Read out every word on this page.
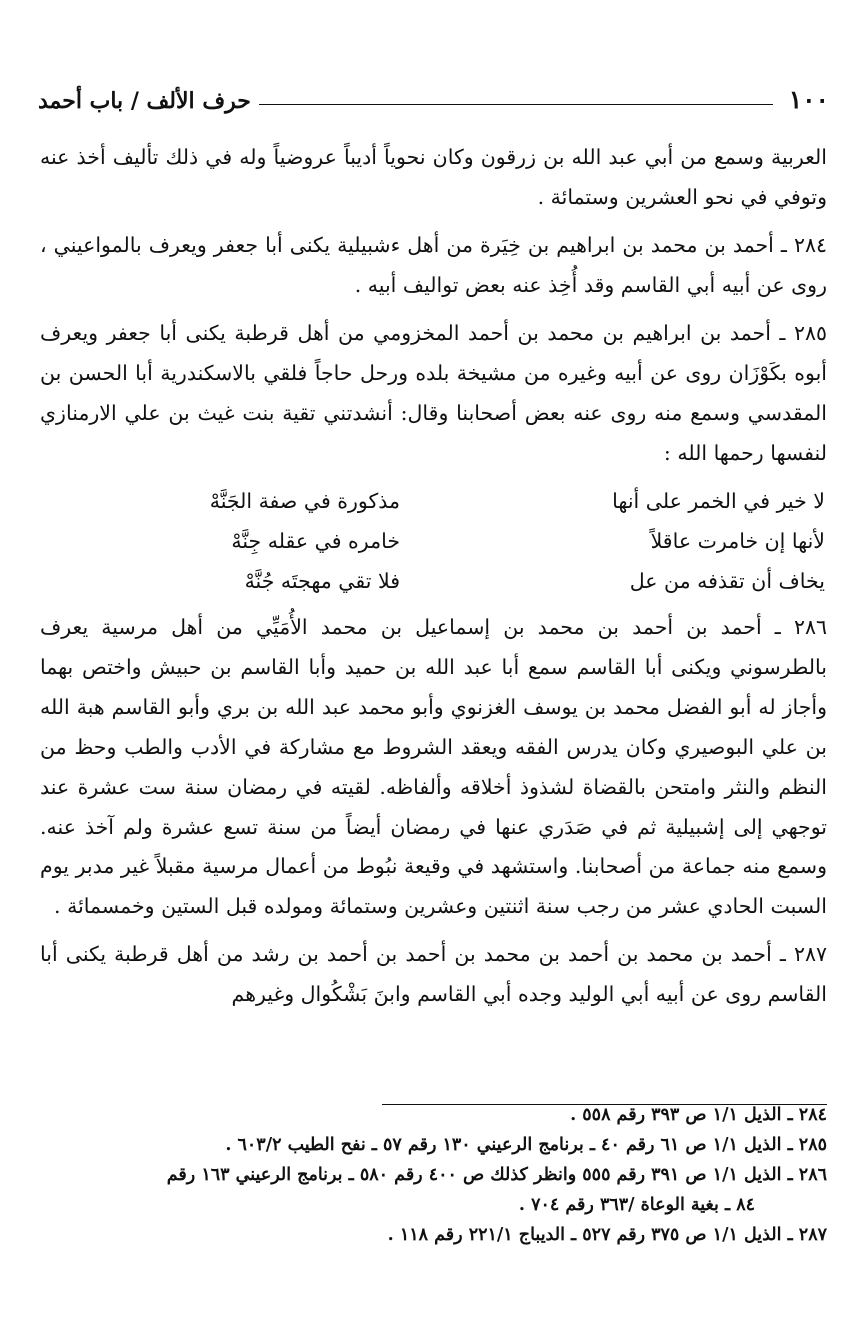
١٠٠
حرف الألف / باب أحمد

العربية وسمع من أبي عبد الله بن زرقون وكان نحوياً أديباً عروضياً وله في ذلك تأليف أخذ عنه وتوفي في نحو العشرين وستمائة .

٢٨٤ ـ أحمد بن محمد بن ابراهيم بن خِيَرة من أهل ءشبيلية يكنى أبا جعفر ويعرف بالمواعيني ، روى عن أبيه أبي القاسم وقد أُخِذ عنه بعض تواليف أبيه .

٢٨٥ ـ أحمد بن ابراهيم بن محمد بن أحمد المخزومي من أهل قرطبة يكنى أبا جعفر ويعرف أبوه بكَوْزَان روى عن أبيه وغيره من مشيخة بلده ورحل حاجاً فلقي بالاسكندرية أبا الحسن بن المقدسي وسمع منه روى عنه بعض أصحابنا وقال: أنشدتني تقية بنت غيث بن علي الارمنازي لنفسها رحمها الله :

لا خير في الخمر على أنها
مذكورة في صفة الجَنَّهْ
لأنها إن خامرت عاقلاً
خامره في عقله جِنَّهْ
يخاف أن تقذفه من عل
فلا تقي مهجتَه جُنَّهْ

٢٨٦ ـ أحمد بن أحمد بن محمد بن إسماعيل بن محمد الأُمَيِّي من أهل مرسية يعرف بالطرسوني ويكنى أبا القاسم سمع أبا عبد الله بن حميد وأبا القاسم بن حبيش واختص بهما وأجاز له أبو الفضل محمد بن يوسف الغزنوي وأبو محمد عبد الله بن بري وأبو القاسم هبة الله بن علي البوصيري وكان يدرس الفقه ويعقد الشروط مع مشاركة في الأدب والطب وحظ من النظم والنثر وامتحن بالقضاة لشذوذ أخلاقه وألفاظه. لقيته في رمضان سنة ست عشرة عند توجهي إلى إشبيلية ثم في صَدَري عنها في رمضان أيضاً من سنة تسع عشرة ولم آخذ عنه. وسمع منه جماعة من أصحابنا. واستشهد في وقيعة نبُوط من أعمال مرسية مقبلاً غير مدبر يوم السبت الحادي عشر من رجب سنة اثنتين وعشرين وستمائة ومولده قبل الستين وخمسمائة .

٢٨٧ ـ أحمد بن محمد بن أحمد بن محمد بن أحمد بن أحمد بن رشد من أهل قرطبة يكنى أبا القاسم روى عن أبيه أبي الوليد وجده أبي القاسم وابنَ بَشْكُوال وغيرهم

٢٨٤ ـ الذيل ١/١ ص ٣٩٣ رقم ٥٥٨ .

٢٨٥ ـ الذيل ١/١ ص ٦١ رقم ٤٠ ـ برنامج الرعيني ١٣٠ رقم ٥٧ ـ نفح الطيب ٦٠٣/٢ .

٢٨٦ ـ الذيل ١/١ ص ٣٩١ رقم ٥٥٥ وانظر كذلك ص ٤٠٠ رقم ٥٨٠ ـ برنامج الرعيني ١٦٣ رقم

٨٤ ـ بغية الوعاة /٣٦٣ رقم ٧٠٤ .

٢٨٧ ـ الذيل ١/١ ص ٣٧٥ رقم ٥٢٧ ـ الديباج ٢٢١/١ رقم ١١٨ .
